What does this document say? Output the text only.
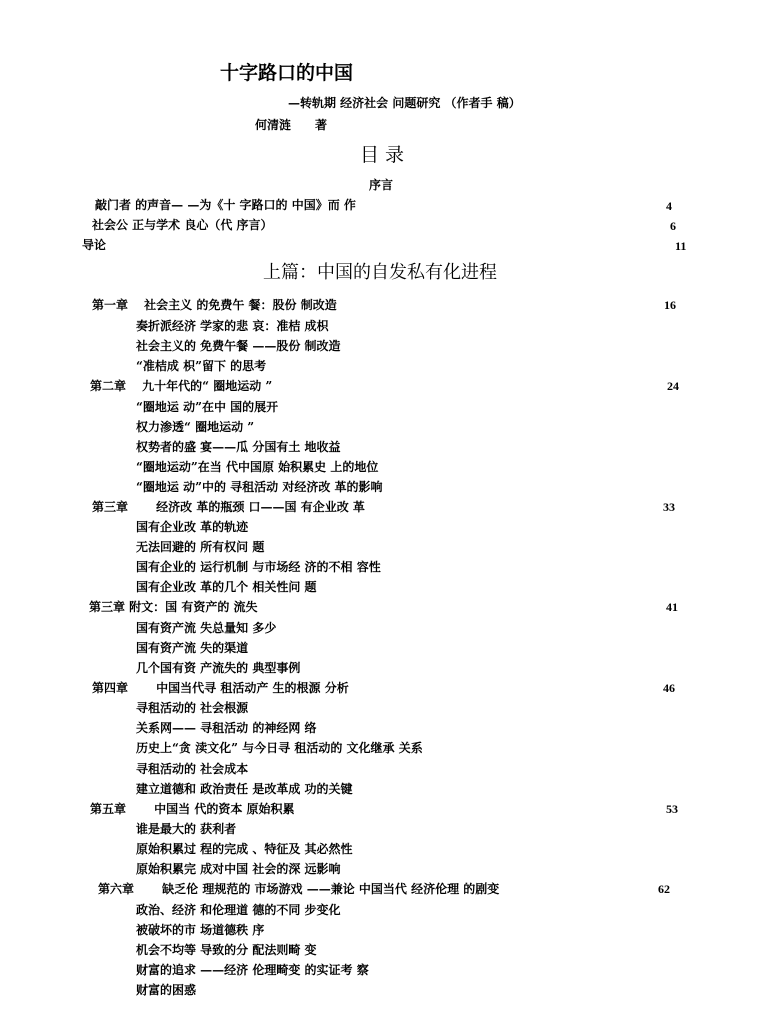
十字路口的中国
—转轨期 经济社会 问题研究 （作者手 稿）
何清涟　　著
目 录
序言
敲门者 的声音— —为《十 字路口的 中国》而 作	4
社会公 正与学术 良心（代 序言）	6
导论	11
上篇：中国的自发私有化进程
第一章　 社会主义 的免费午 餐：股份 制改造	16
奏折派经济 学家的悲 哀：准桔 成枳
社会主义的 免费午餐 ——股份 制改造
“准桔成 枳”留下 的思考
第二章　 九十年代的“ 圈地运动 ”	24
“圈地运 动”在中 国的展开
权力渗透“ 圈地运动 ”
权势者的盛 宴——瓜 分国有土 地收益
“圈地运动”在当 代中国原 始积累史 上的地位
“圈地运 动”中的 寻租活动 对经济改 革的影响
第三章　　 经济改 革的瓶颈 口——国 有企业改 革	33
国有企业改 革的轨迹
无法回避的 所有权问 题
国有企业的 运行机制 与市场经 济的不相 容性
国有企业改 革的几个 相关性问 题
第三章 附文：国 有资产的 流失	41
国有资产流 失总量知 多少
国有资产流 失的渠道
几个国有资 产流失的 典型事例
第四章　　 中国当代寻 租活动产 生的根源 分析	46
寻租活动的 社会根源
关系网—— 寻租活动 的神经网 络
历史上“贪 渎文化” 与今日寻 租活动的 文化继承 关系
寻租活动的 社会成本
建立道德和 政治责任 是改革成 功的关键
第五章　　 中国当 代的资本 原始积累	53
谁是最大的 获利者
原始积累过 程的完成 、特征及 其必然性
原始积累完 成对中国 社会的深 远影响
第六章　　 缺乏伦 理规范的 市场游戏 ——兼论 中国当代 经济伦理 的剧变	62
政治、经济 和伦理道 德的不同 步变化
被破坏的市 场道德秩 序
机会不均等 导致的分 配法则畸 变
财富的追求 ——经济 伦理畸变 的实证考 察
财富的困惑
